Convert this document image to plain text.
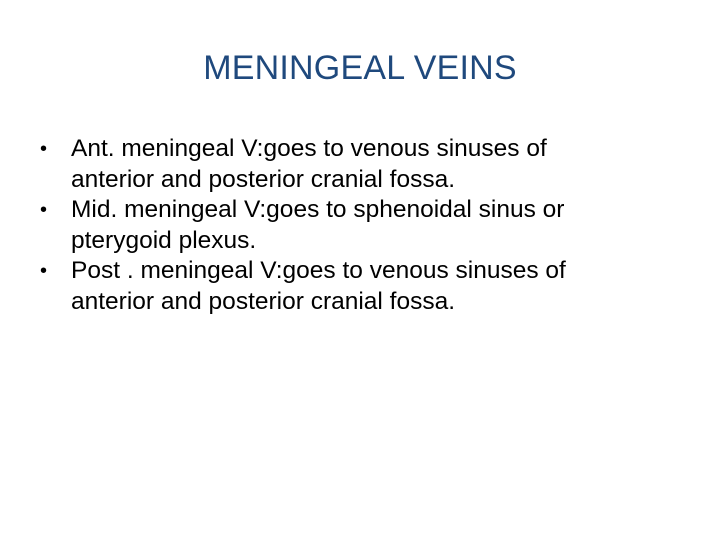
MENINGEAL VEINS
• Ant. meningeal V:goes to venous sinuses of
anterior and posterior cranial fossa.
• Mid. meningeal V:goes to sphenoidal sinus or
pterygoid plexus.
• Post . meningeal V:goes to venous sinuses of
anterior and posterior cranial fossa.
